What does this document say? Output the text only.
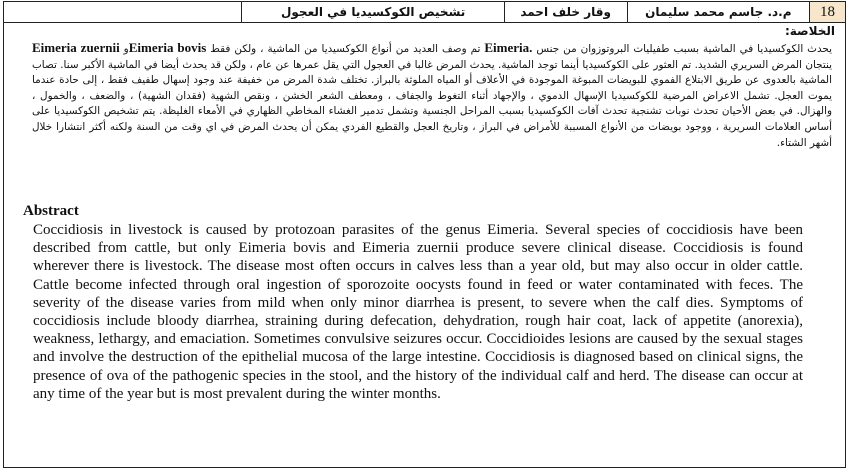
تشخيص الكوكسيديا في العجول	وقار خلف احمد	م.د. جاسم محمد سليمان	18
الخلاصة:
يحدث الكوكسيديا في الماشية بسبب طفيليات البروتوزوان من جنس Eimeria. تم وصف العديد من أنواع الكوكسيديا من الماشية ، ولكن فقط Eimeria bovisو Eimeria zuernii ينتجان المرض السريري الشديد. تم العثور على الكوكسيديا أينما توجد الماشية. يحدث المرض غالبا في العجول التي يقل عمرها عن عام ، ولكن قد يحدث أيضا في الماشية الأكبر سنا. تصاب الماشية بالعدوى عن طريق الابتلاع الفموي للبويضات المبوغة الموجودة في الأعلاف أو المياه الملوثة بالبراز. تختلف شدة المرض من خفيفة عند وجود إسهال طفيف فقط ، إلى حادة عندما يموت العجل. تشمل الاعراض المرضية للكوكسيديا الإسهال الدموي ، والإجهاد أثناء التغوط والجفاف ، ومعطف الشعر الخشن ، ونقص الشهية (فقدان الشهية) ، والضعف ، والخمول ، والهزال. في بعض الأحيان تحدث نوبات تشنجية تحدث آفات الكوكسيديا بسبب المراحل الجنسية وتشمل تدمير الغشاء المخاطي الظهاري في الأمعاء الغليظة. يتم تشخيص الكوكسيديا على أساس العلامات السريرية ، ووجود بويضات من الأنواع المسببة للأمراض في البراز ، وتاريخ العجل والقطيع الفردي يمكن أن يحدث المرض في اي وقت من السنة ولكنه أكثر انتشارا خلال أشهر الشتاء.
Abstract
Coccidiosis in livestock is caused by protozoan parasites of the genus Eimeria. Several species of coccidiosis have been described from cattle, but only Eimeria bovis and Eimeria zuernii produce severe clinical disease. Coccidiosis is found wherever there is livestock. The disease most often occurs in calves less than a year old, but may also occur in older cattle. Cattle become infected through oral ingestion of sporozoite oocysts found in feed or water contaminated with feces. The severity of the disease varies from mild when only minor diarrhea is present, to severe when the calf dies. Symptoms of coccidiosis include bloody diarrhea, straining during defecation, dehydration, rough hair coat, lack of appetite (anorexia), weakness, lethargy, and emaciation. Sometimes convulsive seizures occur. Coccidioides lesions are caused by the sexual stages and involve the destruction of the epithelial mucosa of the large intestine. Coccidiosis is diagnosed based on clinical signs, the presence of ova of the pathogenic species in the stool, and the history of the individual calf and herd. The disease can occur at any time of the year but is most prevalent during the winter months.
